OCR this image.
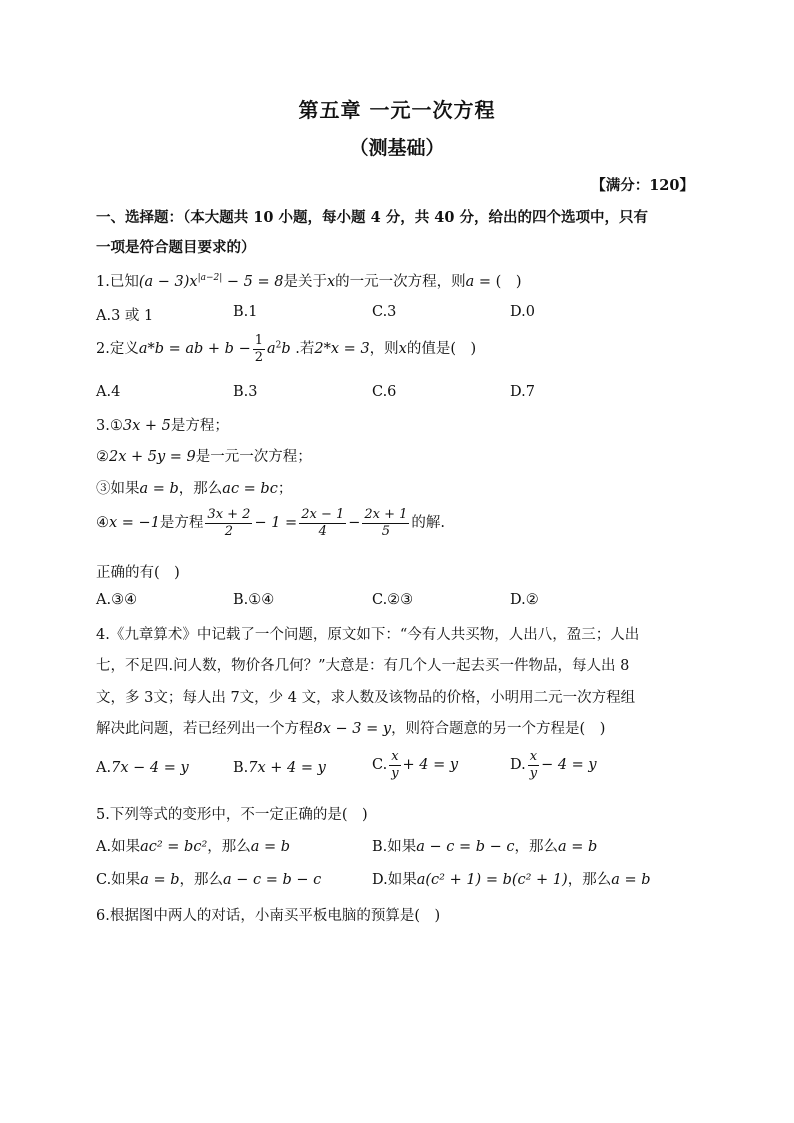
第五章 一元一次方程
（测基础）
【满分：120】
一、选择题：（本大题共 10 小题，每小题 4 分，共 40 分，给出的四个选项中，只有
一项是符合题目要求的）
1.已知$(a - 3)x^{|a-2|} - 5 = 8$是关于x的一元一次方程，则a = (　)
A.3 或 1	B.1	C.3	D.0
2.定义a*b = ab + $b - \frac{1}{2} a^2b$ .若2*x = 3，则x的值是(　)
A.4	B.3	C.6	D.7
3.①3x + 5是方程；
②2x + 5y = 9是一元一次方程；
③如果a = b，那么ac = bc；
④x = −1是方程 $\frac{3x + 2}{2} - 1 = \frac{2x - 1}{4} - \frac{2x + 1}{5}$ 的解.
正确的有(　)
A.③④	B.①④	C.②③	D.②
4.《九章算术》中记载了一个问题，原文如下：“今有人共买物，人出八，盈三；人出
七，不足四.问人数，物价各几何？”大意是：有几个人一起去买一件物品，每人出 8
文，多 3文；每人出 7文，少 4 文，求人数及该物品的价格，小明用二元一次方程组
解决此问题，若已经列出一个方程8x − 3 = y，则符合题意的另一个方程是(　)
A.7x − 4 = y	B.7x + 4 = y	C. $\frac{x}{y} + 4 = y$	D. $\frac{x}{y} - 4 = y$
5.下列等式的变形中，不一定正确的是(　)
A.如果ac² = bc²，那么a = b	B.如果a − c = b − c，那么a = b
C.如果a = b，那么a − c = b − c	D.如果a(c² + 1) = b(c² + 1)，那么a = b
6.根据图中两人的对话，小南买平板电脑的预算是(　)
